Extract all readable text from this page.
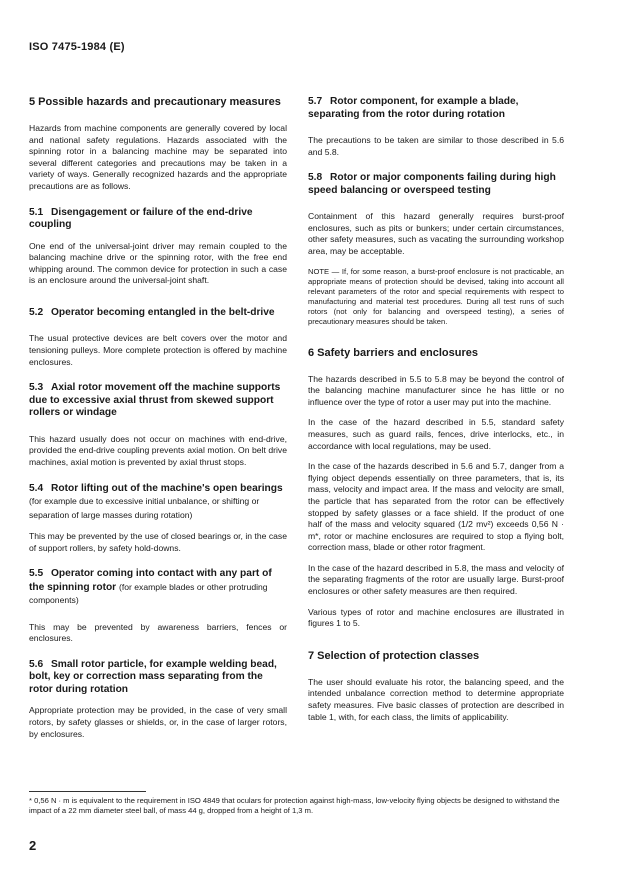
ISO 7475-1984 (E)

5 Possible hazards and precautionary measures

Hazards from machine components are generally covered by local and national safety regulations. Hazards associated with the spinning rotor in a balancing machine may be separated into several different categories and precautions may be taken in a variety of ways. Generally recognized hazards and the appropriate precautions are as follows.

5.1 Disengagement or failure of the end-drive coupling

One end of the universal-joint driver may remain coupled to the balancing machine drive or the spinning rotor, with the free end whipping around. The common device for protection in such a case is an enclosure around the universal-joint shaft.

5.2 Operator becoming entangled in the belt-drive

The usual protective devices are belt covers over the motor and tensioning pulleys. More complete protection is offered by machine enclosures.

5.3 Axial rotor movement off the machine supports due to excessive axial thrust from skewed support rollers or windage

This hazard usually does not occur on machines with end-drive, provided the end-drive coupling prevents axial motion. On belt drive machines, axial motion is prevented by axial thrust stops.

5.4 Rotor lifting out of the machine's open bearings (for example due to excessive initial unbalance, or shifting or separation of large masses during rotation)

This may be prevented by the use of closed bearings or, in the case of support rollers, by safety hold-downs.

5.5 Operator coming into contact with any part of the spinning rotor (for example blades or other protruding components)

This may be prevented by awareness barriers, fences or enclosures.

5.6 Small rotor particle, for example welding bead, bolt, key or correction mass separating from the rotor during rotation

Appropriate protection may be provided, in the case of very small rotors, by safety glasses or shields, or, in the case of larger rotors, by enclosures.

5.7 Rotor component, for example a blade, separating from the rotor during rotation

The precautions to be taken are similar to those described in 5.6 and 5.8.

5.8 Rotor or major components failing during high speed balancing or overspeed testing

Containment of this hazard generally requires burst-proof enclosures, such as pits or bunkers; under certain circumstances, other safety measures, such as vacating the surrounding workshop area, may be acceptable.

NOTE — If, for some reason, a burst-proof enclosure is not practicable, an appropriate means of protection should be devised, taking into account all relevant parameters of the rotor and special requirements with respect to manufacturing and material test procedures. During all test runs of such rotors (not only for balancing and overspeed testing), a series of precautionary measures should be taken.

6 Safety barriers and enclosures

The hazards described in 5.5 to 5.8 may be beyond the control of the balancing machine manufacturer since he has little or no influence over the type of rotor a user may put into the machine.

In the case of the hazard described in 5.5, standard safety measures, such as guard rails, fences, drive interlocks, etc., in accordance with local regulations, may be used.

In the case of the hazards described in 5.6 and 5.7, danger from a flying object depends essentially on three parameters, that is, its mass, velocity and impact area. If the mass and velocity are small, the particle that has separated from the rotor can be effectively stopped by safety glasses or a face shield. If the product of one half of the mass and velocity squared (1/2 mv²) exceeds 0,56 N · m*, rotor or machine enclosures are required to stop a flying bolt, correction mass, blade or other rotor fragment.

In the case of the hazard described in 5.8, the mass and velocity of the separating fragments of the rotor are usually large. Burst-proof enclosures or other safety measures are then required.

Various types of rotor and machine enclosures are illustrated in figures 1 to 5.

7 Selection of protection classes

The user should evaluate his rotor, the balancing speed, and the intended unbalance correction method to determine appropriate safety measures. Five basic classes of protection are described in table 1, with, for each class, the limits of applicability.

* 0,56 N · m is equivalent to the requirement in ISO 4849 that oculars for protection against high-mass, low-velocity flying objects be designed to withstand the impact of a 22 mm diameter steel ball, of mass 44 g, dropped from a height of 1,3 m.
2
